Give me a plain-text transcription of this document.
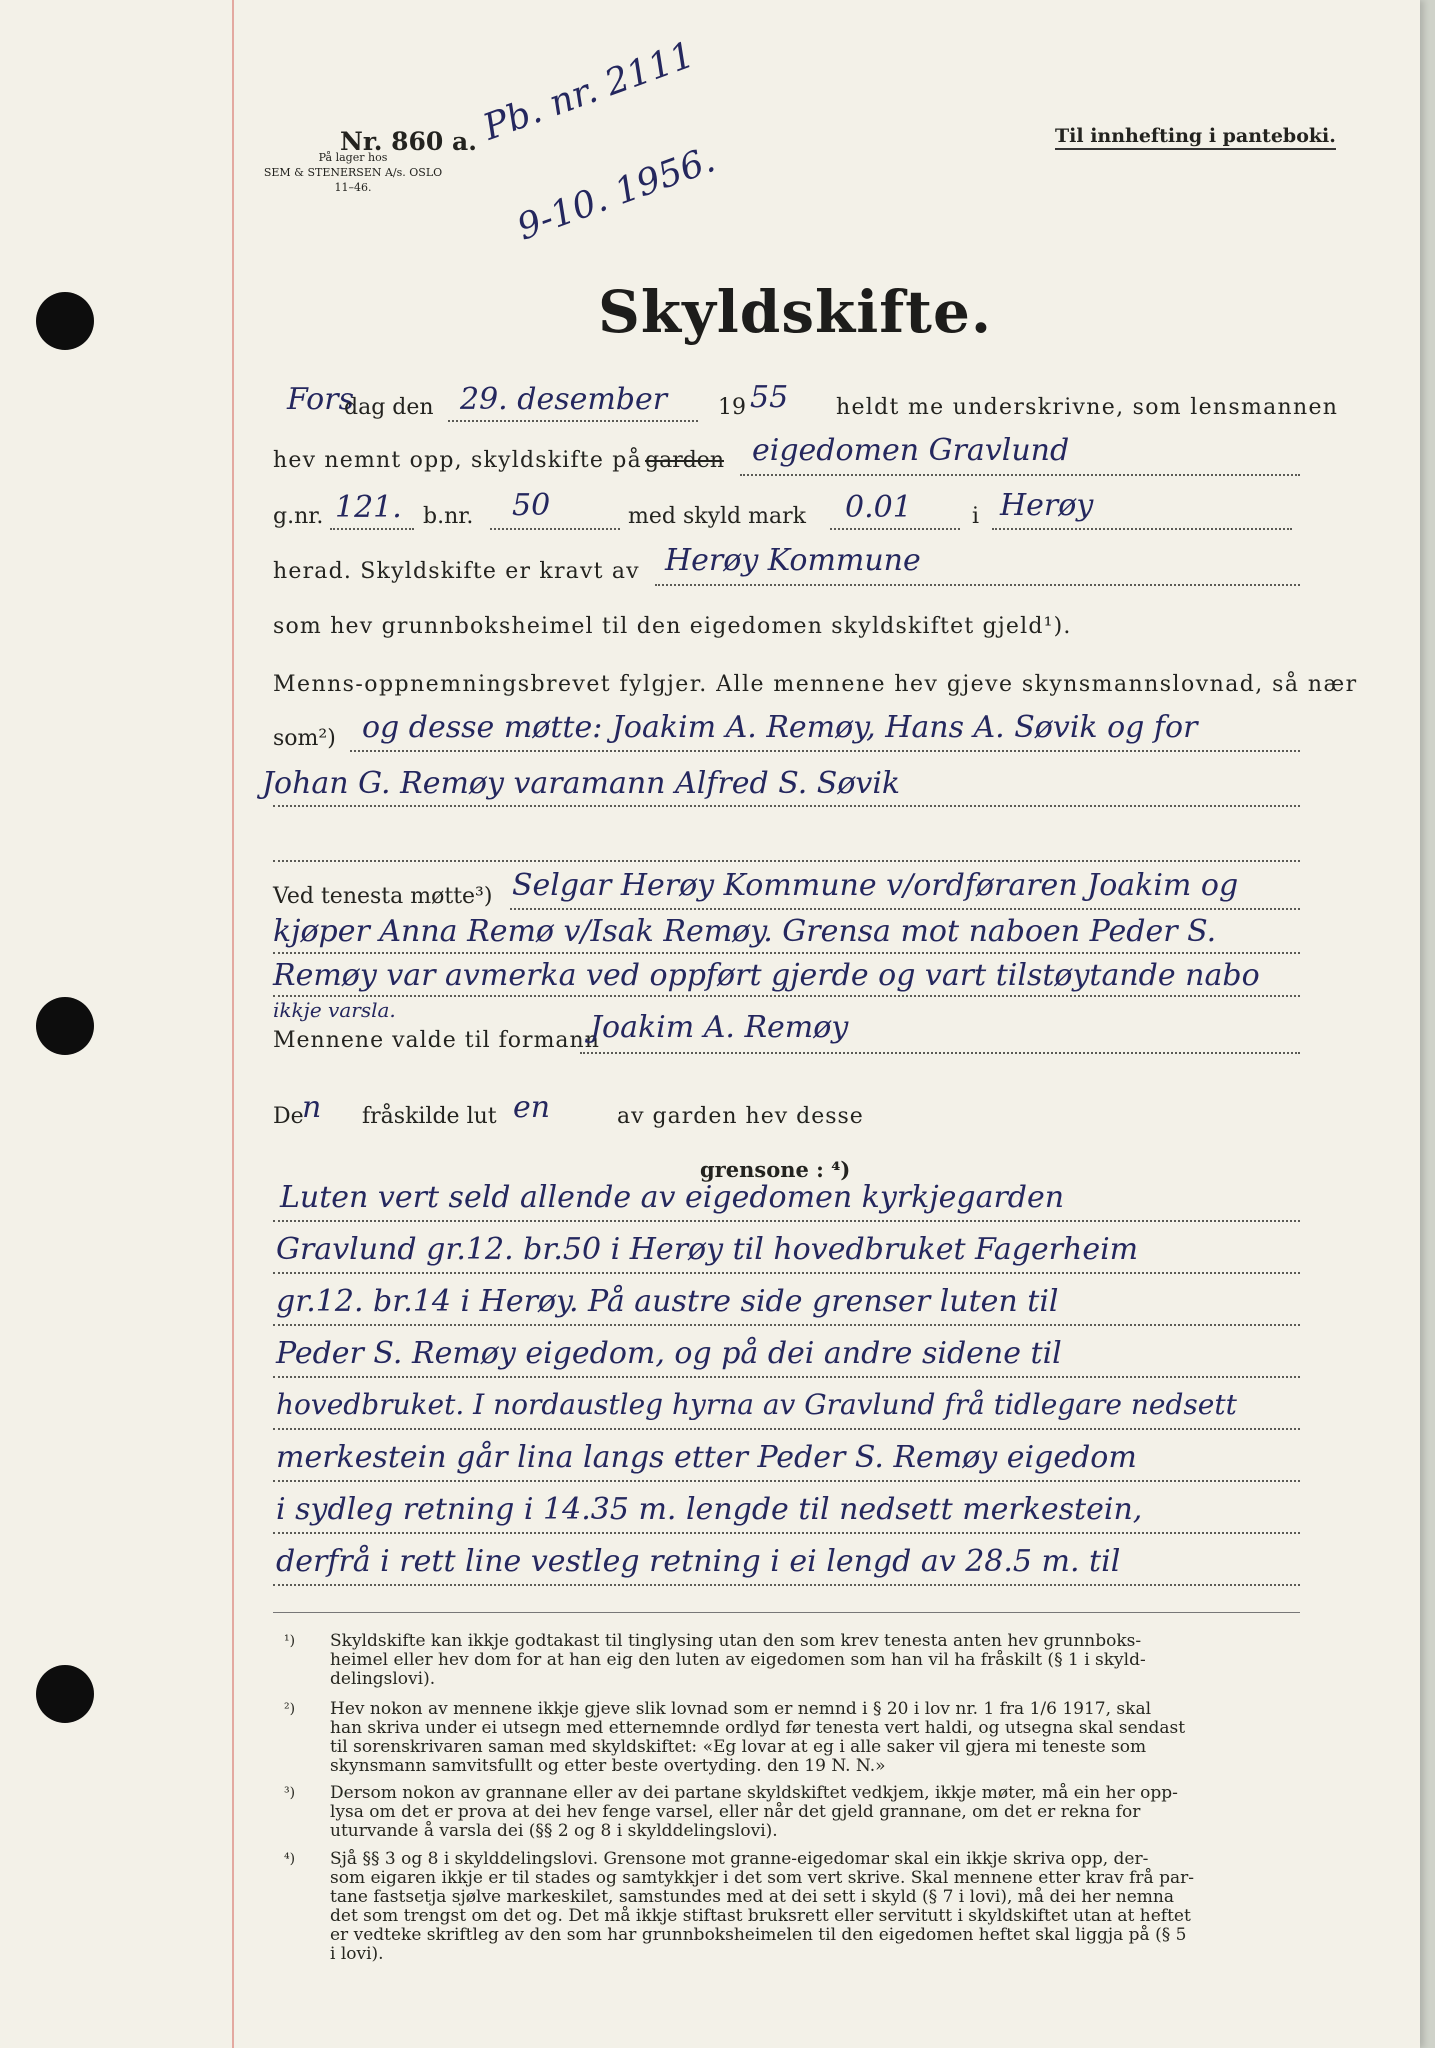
Nr. 860 a.
På lager hos
SEM & STENERSEN A/s. OSLO
11–46.
Pb. nr. 2111
9-10. 1956.
Til innhefting i panteboki.
Skyldskifte.
Fors
dag den 29. desember 19 55 heldt me underskrivne, som lensmannen
hev nemnt opp, skyldskifte på garden eigedomen Gravlund
g.nr. 121. b.nr. 50	med skyld mark 0.01	i Herøy
herad. Skyldskifte er kravt av Herøy Kommune
som hev grunnboksheimel til den eigedomen skyldskiftet gjeld¹).
Menns-oppnemningsbrevet fylgjer. Alle mennene hev gjeve skynsmannslovnad, så nær
som²) og desse møtte: Joakim A. Remøy, Hans A. Søvik og for
Johan G. Remøy varamann Alfred S. Søvik
Ved tenesta møtte³) Selgar Herøy Kommune v/ordføraren Joakim og
kjøper Anna Remø v/Isak Remøy. Grensa mot naboen Peder S.
Remøy var avmerka ved oppført gjerde og vart tilstøytande nabo
ikkje varsla.
Mennene valde til formann
Joakim A. Remøy
De
n fråskilde lut en	av garden hev desse
grensone : ⁴)
Luten vert seld allende av eigedomen kyrkjegarden
Gravlund gr.12. br.50 i Herøy til hovedbruket Fagerheim
gr.12. br.14 i Herøy. På austre side grenser luten til
Peder S. Remøy eigedom, og på dei andre sidene til
hovedbruket. I nordaustleg hyrna av Gravlund frå tidlegare nedsett
merkestein går lina langs etter Peder S. Remøy eigedom
i sydleg retning i 14.35 m. lengde til nedsett merkestein,
derfrå i rett line vestleg retning i ei lengd av 28.5 m. til
¹) Skyldskifte kan ikkje godtakast til tinglysing utan den som krev tenesta anten hev grunnboks-
heimel eller hev dom for at han eig den luten av eigedomen som han vil ha fråskilt (§ 1 i skyld-
delingslovi).
²) Hev nokon av mennene ikkje gjeve slik lovnad som er nemnd i § 20 i lov nr. 1 fra 1/6 1917, skal
han skriva under ei utsegn med etternemnde ordlyd før tenesta vert haldi, og utsegna skal sendast
til sorenskrivaren saman med skyldskiftet: «Eg lovar at eg i alle saker vil gjera mi teneste som
skynsmann samvitsfullt og etter beste overtyding. den 19 N. N.»
³) Dersom nokon av grannane eller av dei partane skyldskiftet vedkjem, ikkje møter, må ein her opp-
lysa om det er prova at dei hev fenge varsel, eller når det gjeld grannane, om det er rekna for
uturvande å varsla dei (§§ 2 og 8 i skylddelingslovi).
⁴) Sjå §§ 3 og 8 i skylddelingslovi. Grensone mot granne-eigedomar skal ein ikkje skriva opp, der-
som eigaren ikkje er til stades og samtykkjer i det som vert skrive. Skal mennene etter krav frå par-
tane fastsetja sjølve markeskilet, samstundes med at dei sett i skyld (§ 7 i lovi), må dei her nemna
det som trengst om det og. Det må ikkje stiftast bruksrett eller servitutt i skyldskiftet utan at heftet
er vedteke skriftleg av den som har grunnboksheimelen til den eigedomen heftet skal liggja på (§ 5
i lovi).
